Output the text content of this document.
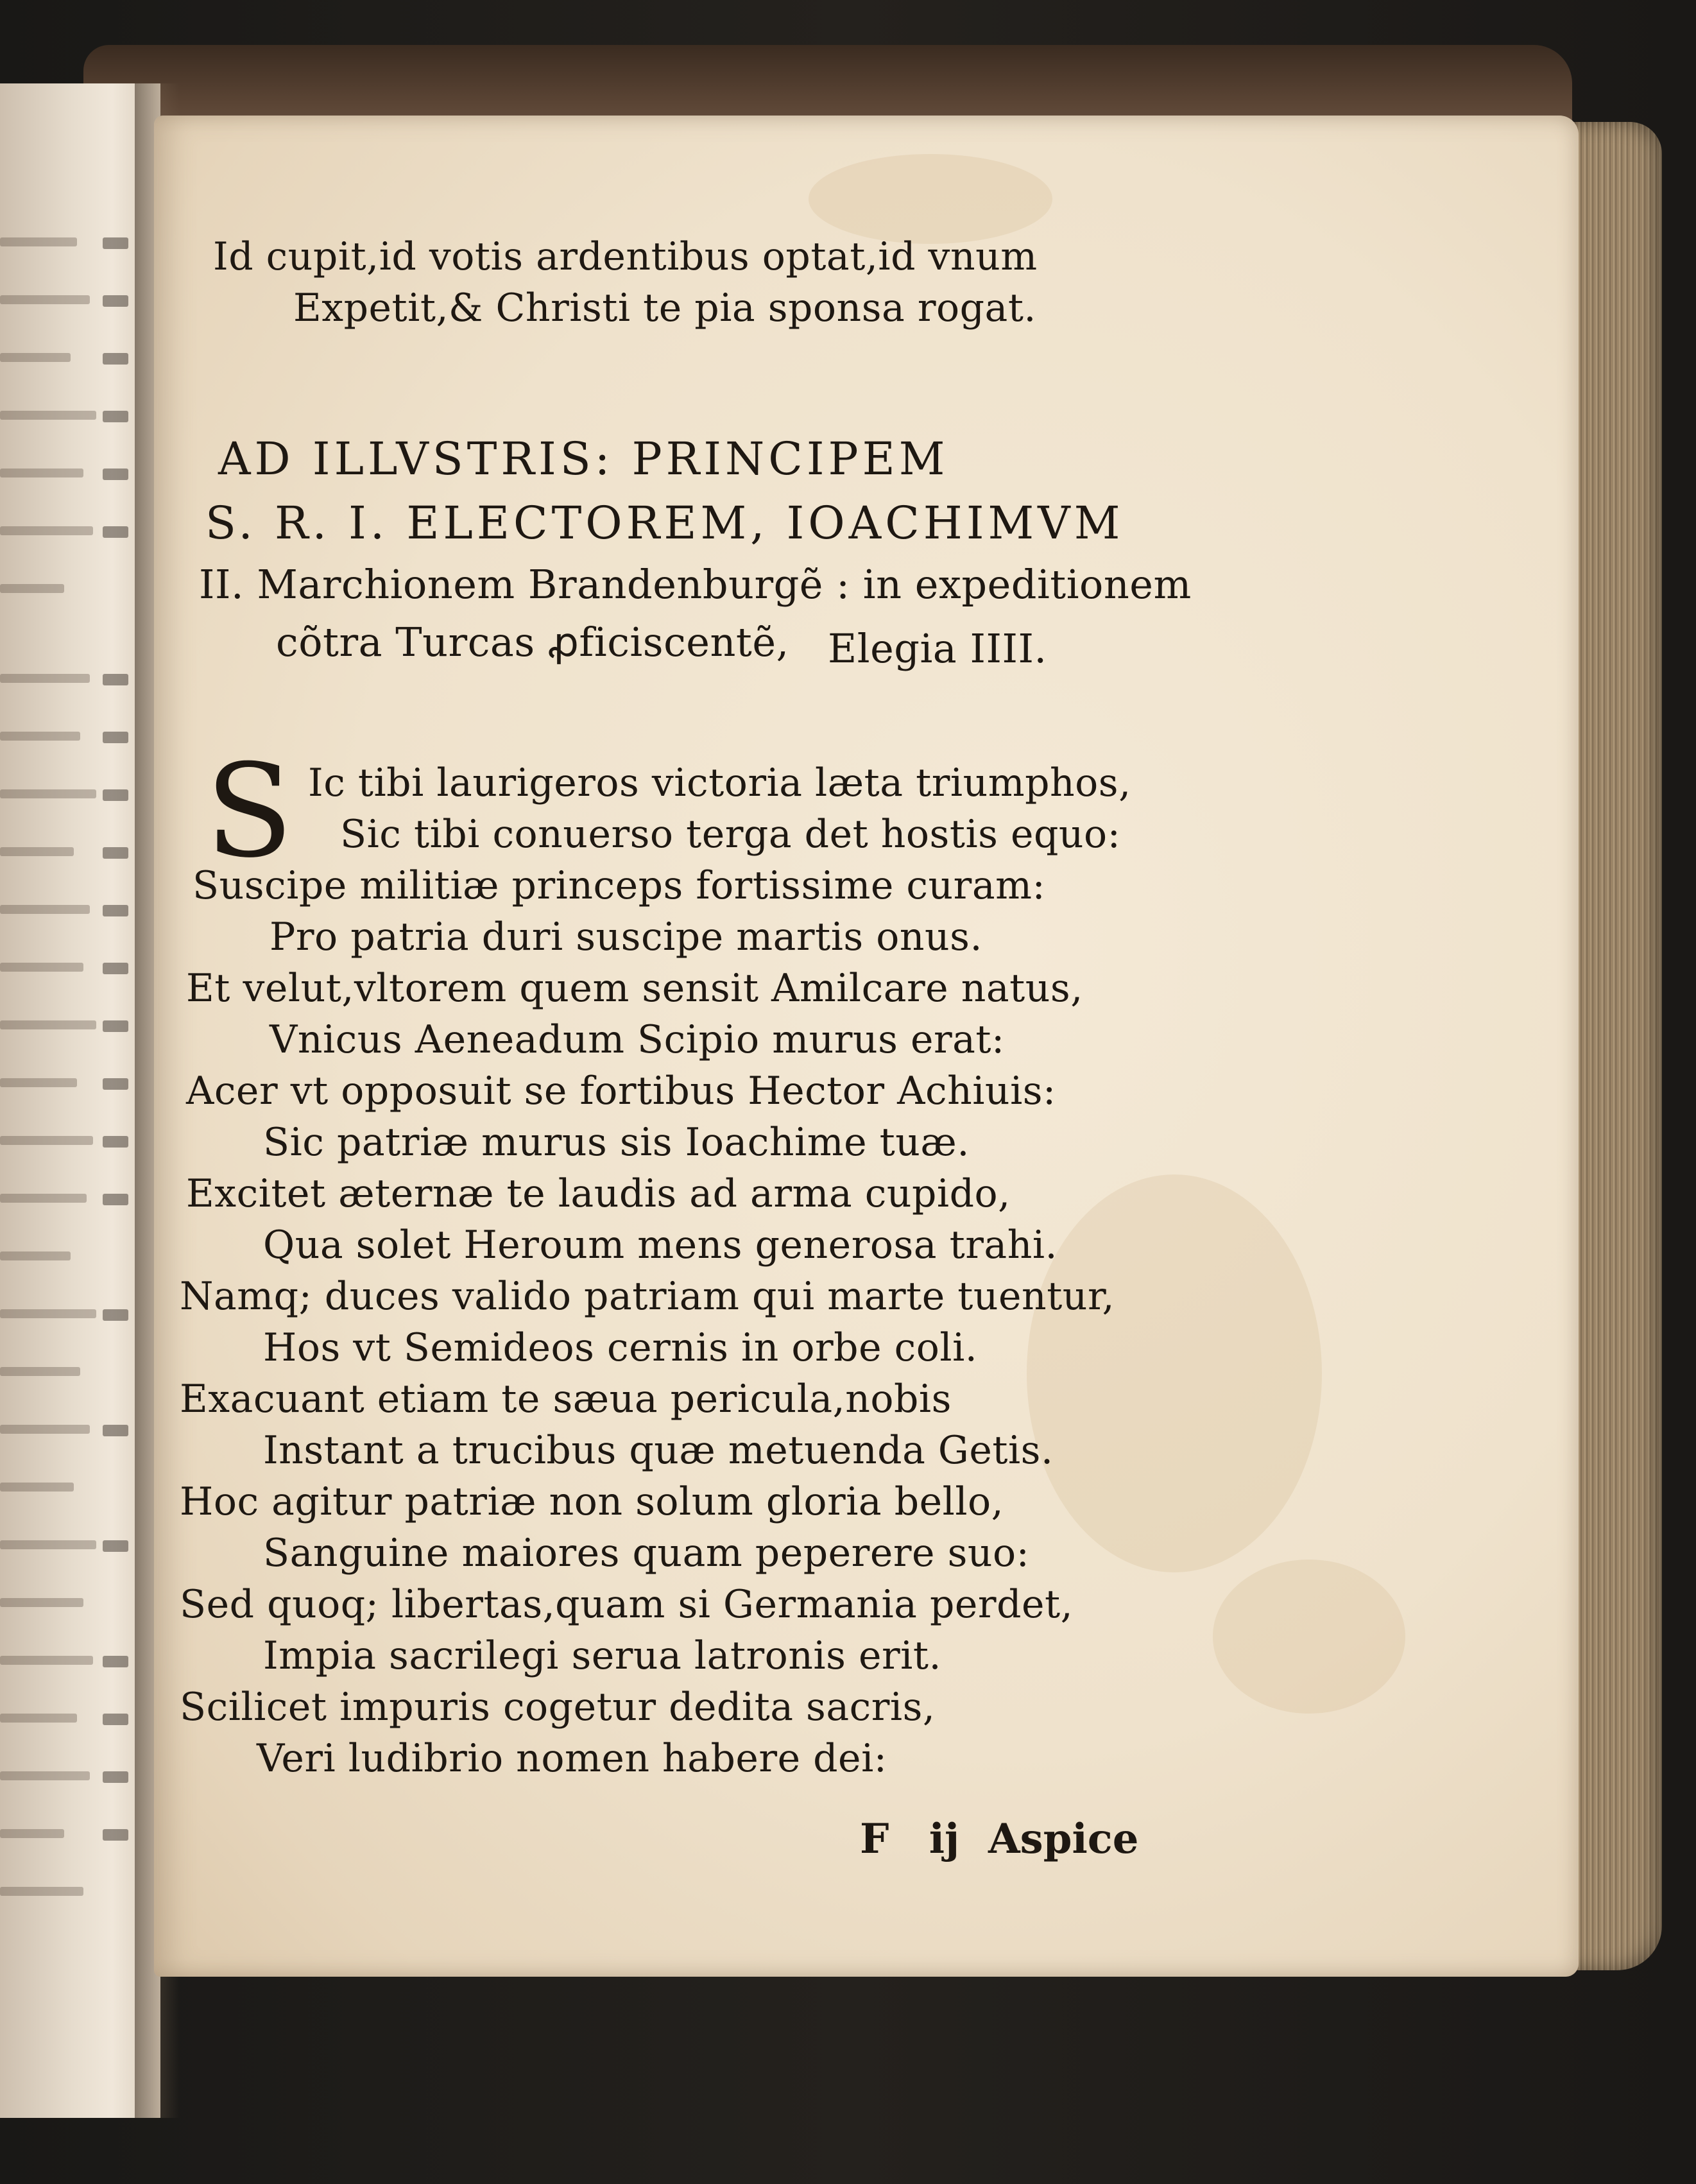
Id cupit,id votis ardentibus optat,id vnum
Expetit,& Christi te pia sponsa rogat.
AD ILLVSTRIS: PRINCIPEM
S. R. I. ELECTOREM, IOACHIMVM
II. Marchionem Brandenburgẽ : in expeditionem
cõtra Turcas ꝓficiscentẽ, Elegia IIII.
S Ic tibi laurigeros victoria læta triumphos,
Sic tibi conuerso terga det hostis equo:
Suscipe militiæ princeps fortissime curam:
Pro patria duri suscipe martis onus.
Et velut,vltorem quem sensit Amilcare natus,
Vnicus Aeneadum Scipio murus erat:
Acer vt opposuit se fortibus Hector Achiuis:
Sic patriæ murus sis Ioachime tuæ.
Excitet æternæ te laudis ad arma cupido,
Qua solet Heroum mens generosa trahi.
Namq; duces valido patriam qui marte tuentur,
Hos vt Semideos cernis in orbe coli.
Exacuant etiam te sæua pericula,nobis
Instant a trucibus quæ metuenda Getis.
Hoc agitur patriæ non solum gloria bello,
Sanguine maiores quam peperere suo:
Sed quoq; libertas,quam si Germania perdet,
Impia sacrilegi serua latronis erit.
Scilicet impuris cogetur dedita sacris,
Veri ludibrio nomen habere dei:
F ij Aspice
